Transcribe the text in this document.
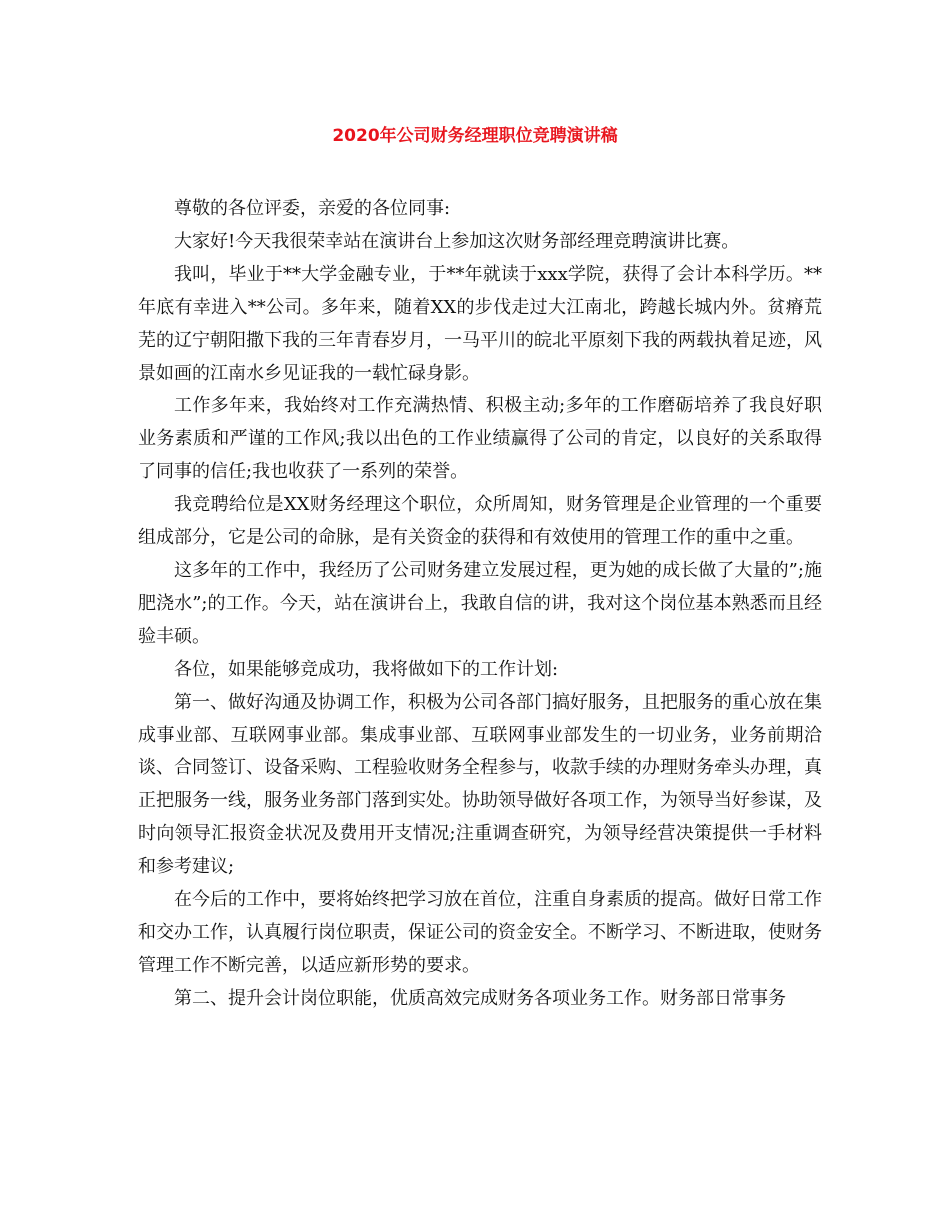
2020年公司财务经理职位竞聘演讲稿

尊敬的各位评委，亲爱的各位同事:

大家好!今天我很荣幸站在演讲台上参加这次财务部经理竞聘演讲比赛。

我叫，毕业于**大学金融专业，于**年就读于xxx学院，获得了会计本科学历。**年底有幸进入**公司。多年来，随着XX的步伐走过大江南北，跨越长城内外。贫瘠荒芜的辽宁朝阳撒下我的三年青春岁月，一马平川的皖北平原刻下我的两载执着足迹，风景如画的江南水乡见证我的一载忙碌身影。

工作多年来，我始终对工作充满热情、积极主动;多年的工作磨砺培养了我良好职业务素质和严谨的工作风;我以出色的工作业绩赢得了公司的肯定，以良好的关系取得了同事的信任;我也收获了一系列的荣誉。

我竞聘给位是XX财务经理这个职位，众所周知，财务管理是企业管理的一个重要组成部分，它是公司的命脉，是有关资金的获得和有效使用的管理工作的重中之重。

这多年的工作中，我经历了公司财务建立发展过程，更为她的成长做了大量的”;施肥浇水”;的工作。今天，站在演讲台上，我敢自信的讲，我对这个岗位基本熟悉而且经验丰硕。

各位，如果能够竞成功，我将做如下的工作计划:

第一、做好沟通及协调工作，积极为公司各部门搞好服务，且把服务的重心放在集成事业部、互联网事业部。集成事业部、互联网事业部发生的一切业务，业务前期洽谈、合同签订、设备采购、工程验收财务全程参与，收款手续的办理财务牵头办理，真正把服务一线，服务业务部门落到实处。协助领导做好各项工作，为领导当好参谋，及时向领导汇报资金状况及费用开支情况;注重调查研究，为领导经营决策提供一手材料和参考建议;

在今后的工作中，要将始终把学习放在首位，注重自身素质的提高。做好日常工作和交办工作，认真履行岗位职责，保证公司的资金安全。不断学习、不断进取，使财务管理工作不断完善，以适应新形势的要求。

第二、提升会计岗位职能，优质高效完成财务各项业务工作。财务部日常事务
